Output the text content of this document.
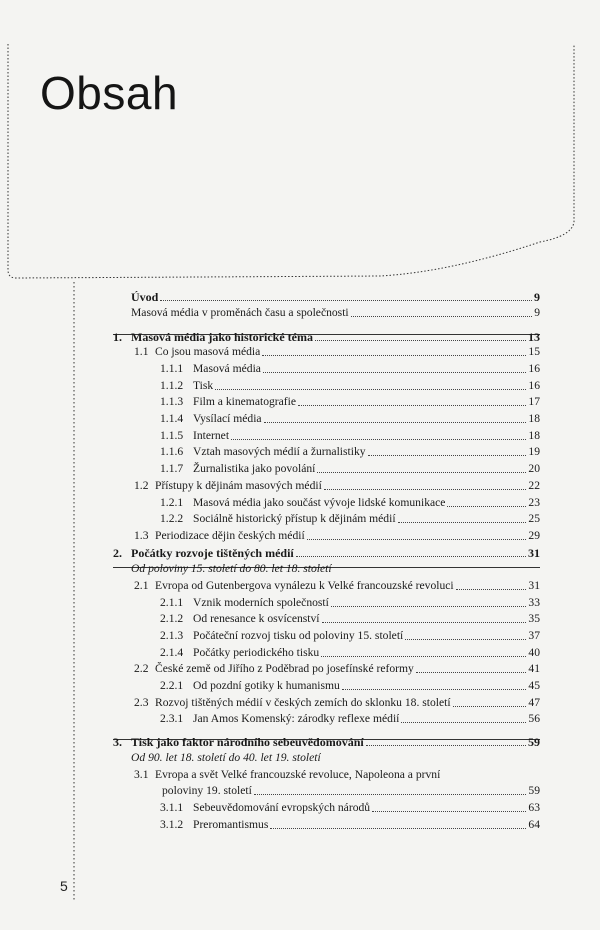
Obsah
Úvod	9
Masová média v proměnách času a společnosti	9
1. Masová média jako historické téma	13
1.1 Co jsou masová média	15
1.1.1 Masová média	16
1.1.2 Tisk	16
1.1.3 Film a kinematografie	17
1.1.4 Vysílací média	18
1.1.5 Internet	18
1.1.6 Vztah masových médií a žurnalistiky	19
1.1.7 Žurnalistika jako povolání	20
1.2 Přístupy k dějinám masových médií	22
1.2.1 Masová média jako součást vývoje lidské komunikace	23
1.2.2 Sociálně historický přístup k dějinám médií	25
1.3 Periodizace dějin českých médií	29
2. Počátky rozvoje tištěných médií	31
Od poloviny 15. století do 80. let 18. století
2.1 Evropa od Gutenbergova vynálezu k Velké francouzské revoluci	31
2.1.1 Vznik moderních společností	33
2.1.2 Od renesance k osvícenství	35
2.1.3 Počáteční rozvoj tisku od poloviny 15. století	37
2.1.4 Počátky periodického tisku	40
2.2 České země od Jiřího z Poděbrad po josefínské reformy	41
2.2.1 Od pozdní gotiky k humanismu	45
2.3 Rozvoj tištěných médií v českých zemích do sklonku 18. století	47
2.3.1 Jan Amos Komenský: zárodky reflexe médií	56
3. Tisk jako faktor národního sebeuvědomování	59
Od 90. let 18. století do 40. let 19. století
3.1 Evropa a svět Velké francouzské revoluce, Napoleona a první
poloviny 19. století	59
3.1.1 Sebeuvědomování evropských národů	63
3.1.2 Preromantismus	64
5
